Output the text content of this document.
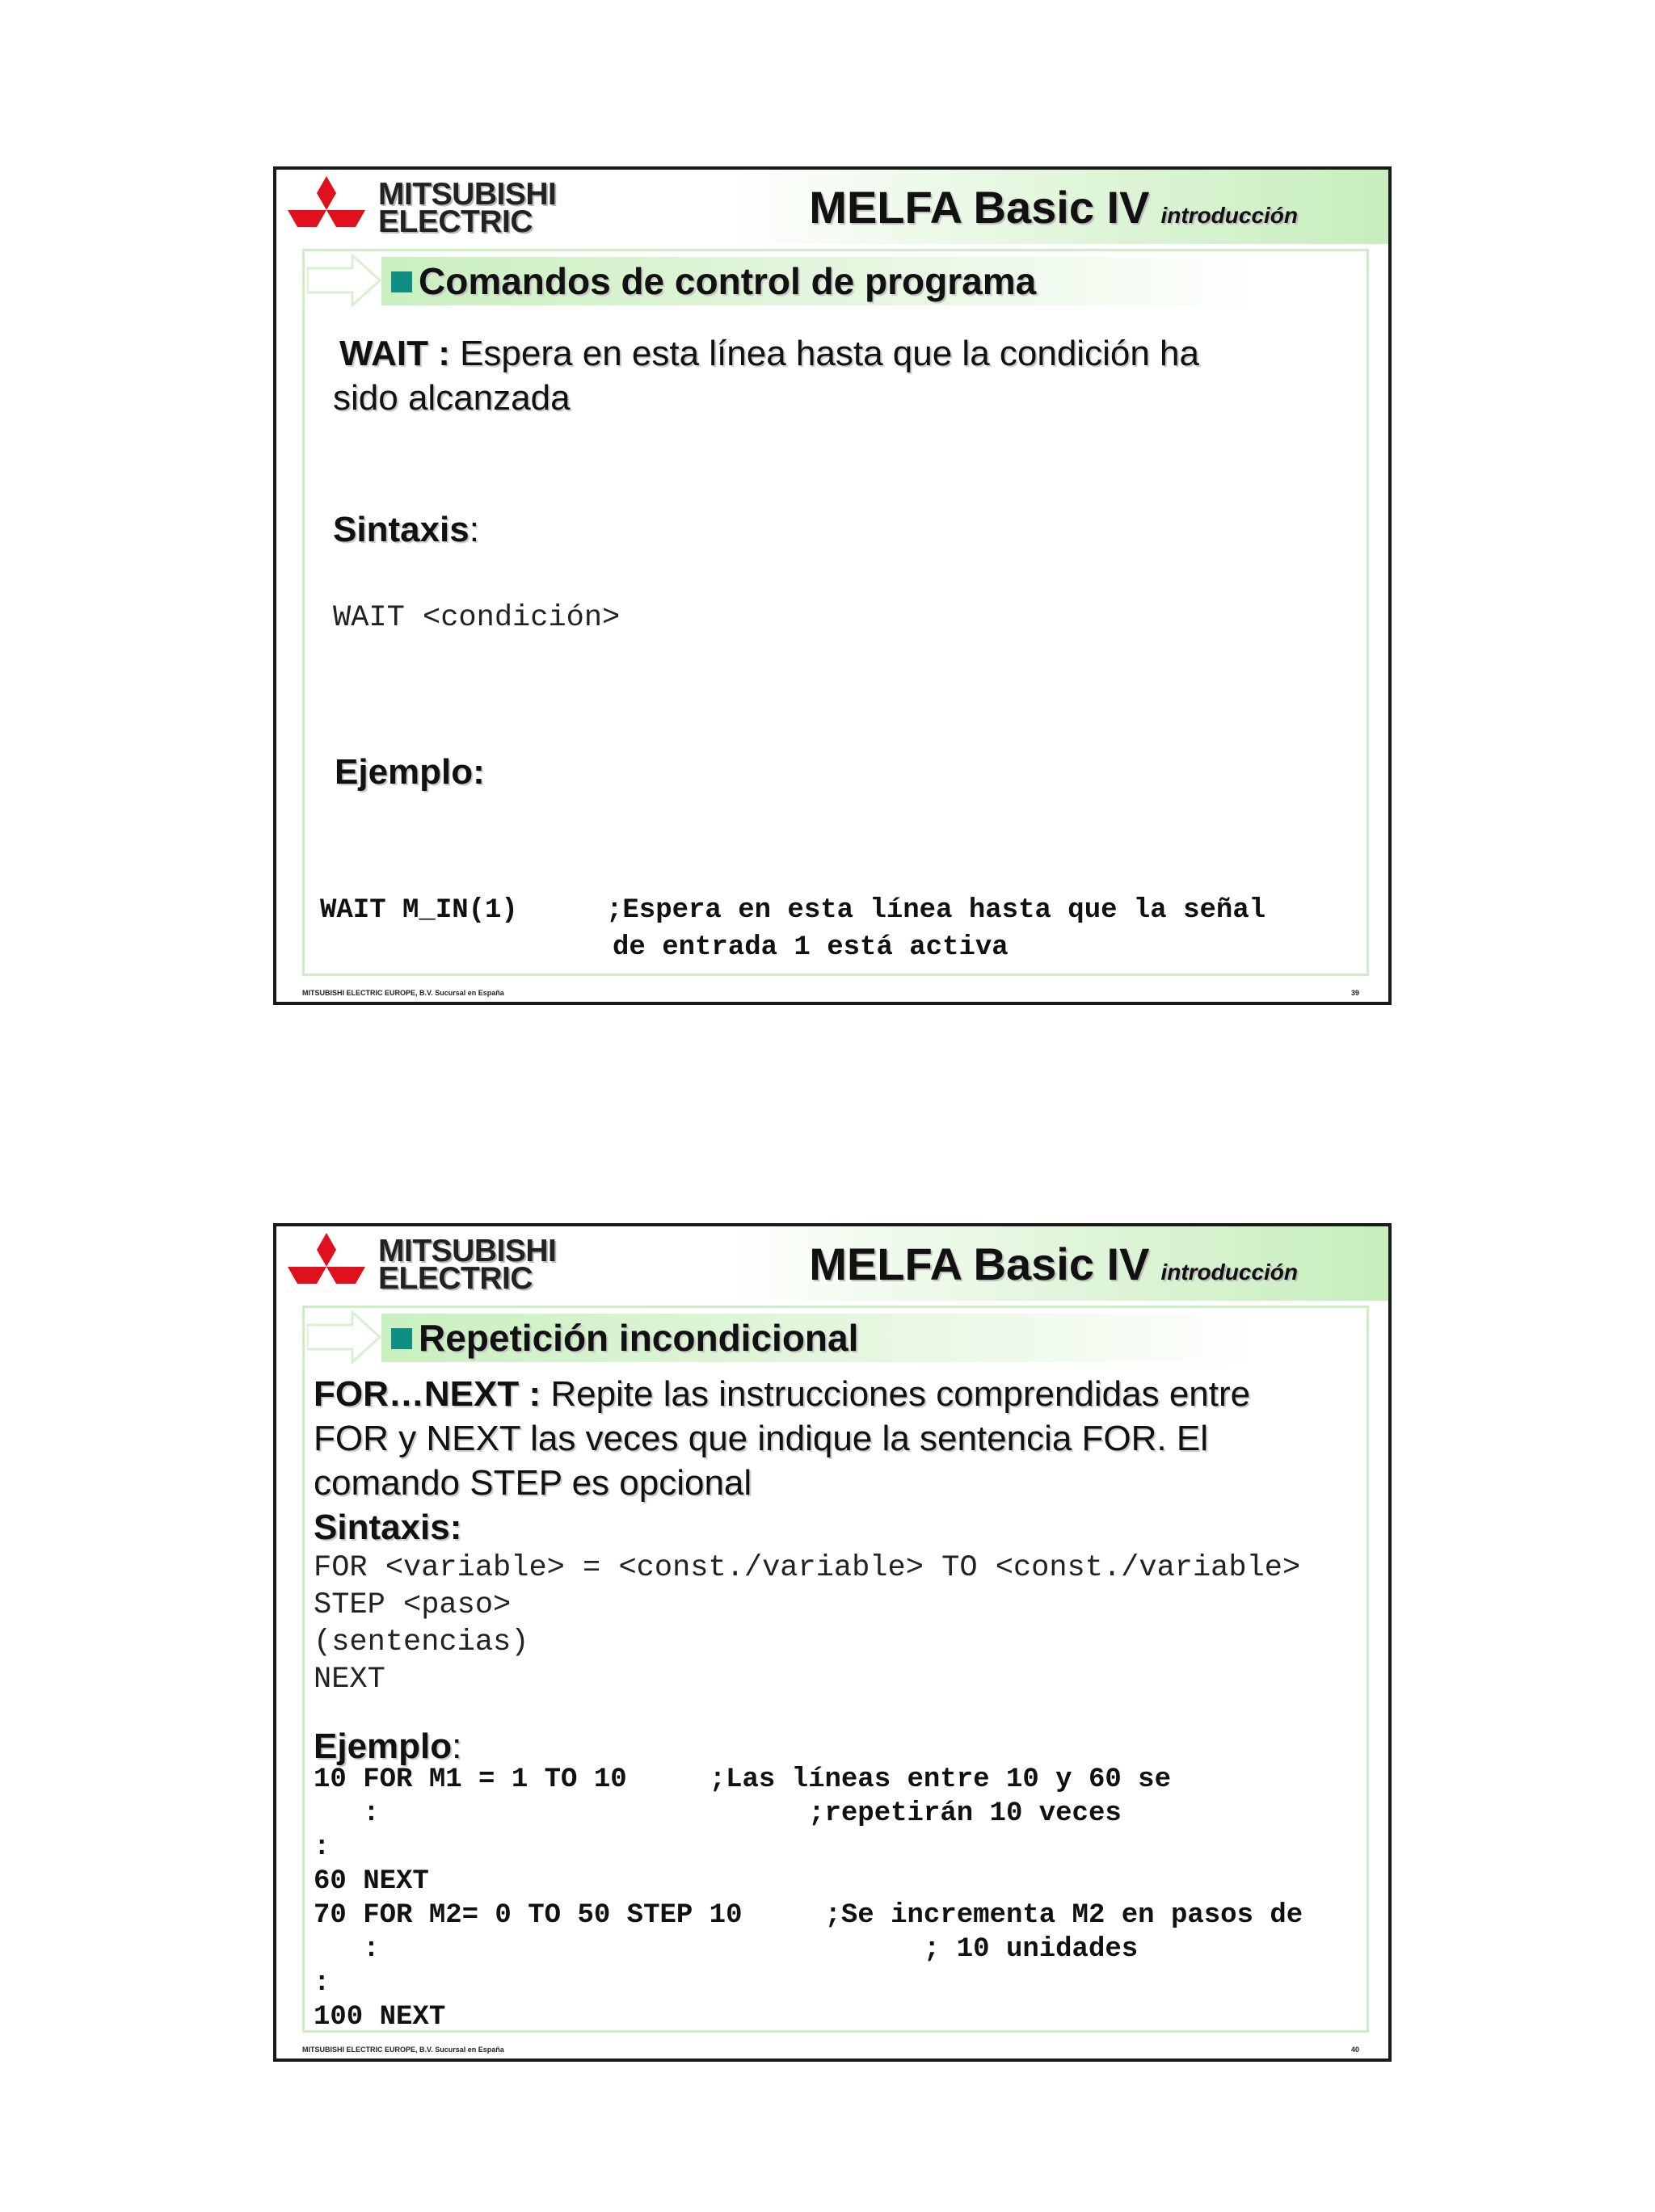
MITSUBISHI
ELECTRIC	MELFA Basic IV introducción
Comandos de control de programa
WAIT : Espera en esta línea hasta que la condición ha
sido alcanzada
Sintaxis:
WAIT <condición>
Ejemplo:
WAIT M_IN(1)	;Espera en esta línea hasta que la señal
de entrada 1 está activa
MITSUBISHI ELECTRIC EUROPE, B.V. Sucursal en España	39
MITSUBISHI
ELECTRIC	MELFA Basic IV introducción
Repetición incondicional
FOR…NEXT : Repite las instrucciones comprendidas entre
FOR y NEXT las veces que indique la sentencia FOR. El
comando STEP es opcional
Sintaxis:
FOR <variable> = <const./variable> TO <const./variable>
STEP <paso>
(sentencias)
NEXT
Ejemplo:
10 FOR M1 = 1 TO 10     ;Las líneas entre 10 y 60 se
:                          ;repetirán 10 veces
:
60 NEXT
70 FOR M2= 0 TO 50 STEP 10     ;Se incrementa M2 en pasos de
:                                 ; 10 unidades
:
100 NEXT
MITSUBISHI ELECTRIC EUROPE, B.V. Sucursal en España	40
